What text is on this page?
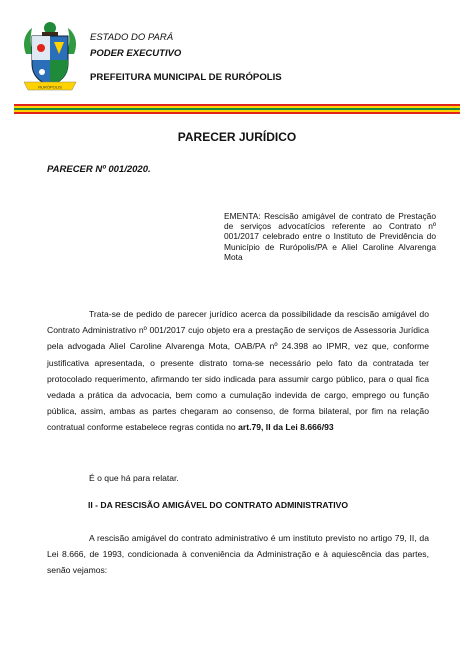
RURÓPOLIS
ESTADO DO PARÁ
PODER EXECUTIVO
PREFEITURA MUNICIPAL DE RURÓPOLIS
PARECER JURÍDICO
PARECER Nº 001/2020.
EMENTA: Rescisão amigável de contrato de Prestação de serviços advocatícios referente ao Contrato nº 001/2017 celebrado entre o Instituto de Previdência do Município de Rurópolis/PA e Aliel Caroline Alvarenga Mota
Trata-se de pedido de parecer jurídico acerca da possibilidade da rescisão amigável do Contrato Administrativo nº 001/2017 cujo objeto era a prestação de serviços de Assessoria Jurídica pela advogada Aliel Caroline Alvarenga Mota, OAB/PA nº 24.398 ao IPMR, vez que, conforme justificativa apresentada, o presente distrato toma-se necessário pelo fato da contratada ter protocolado requerimento, afirmando ter sido indicada para assumir cargo público, para o qual fica vedada a prática da advocacia, bem como a cumulação indevida de cargo, emprego ou função pública, assim, ambas as partes chegaram ao consenso, de forma bilateral, por fim na relação contratual conforme estabelece regras contida no art.79, II da Lei 8.666/93
É o que há para relatar.
II - DA RESCISÃO AMIGÁVEL DO CONTRATO ADMINISTRATIVO
A rescisão amigável do contrato administrativo é um instituto previsto no artigo 79, II, da Lei 8.666, de 1993, condicionada à conveniência da Administração e à aquiescência das partes, senão vejamos:
